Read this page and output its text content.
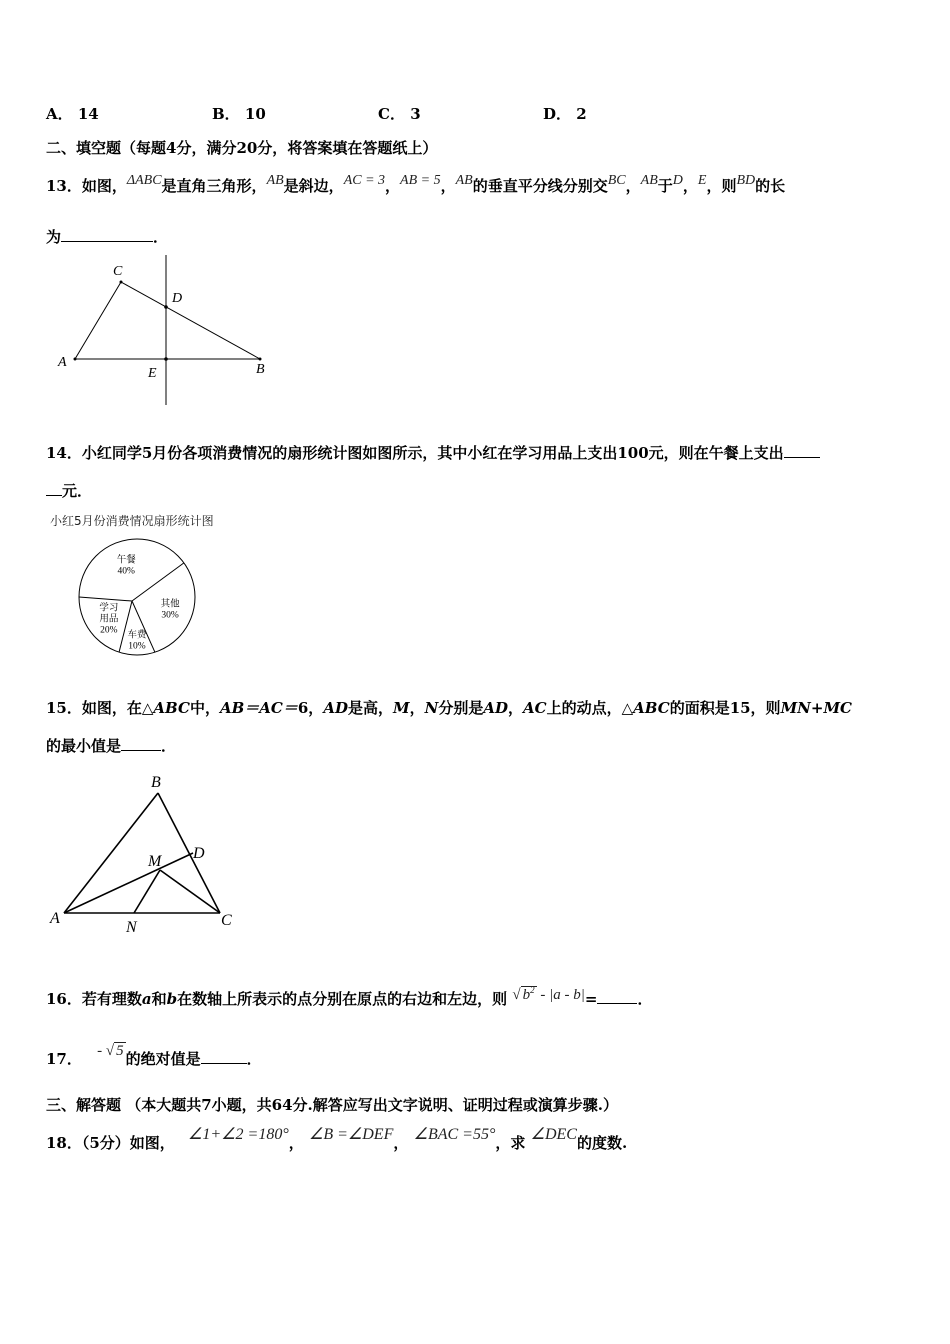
A． 14	B． 10	C． 3	D． 2
二、填空题（每题4分，满分20分，将答案填在答题纸上）
13．如图，ΔABC是直角三角形，AB是斜边，AC = 3，AB = 5，AB的垂直平分线分别交BC，AB于D，E，则BD的长
为	．
C
D
A
E	B
14．小红同学5月份各项消费情况的扇形统计图如图所示，其中小红在学习用品上支出100元，则在午餐上支出
元．
小红5月份消费情况扇形统计图
午餐
40%
其他
30%
车费
10%
学习
用品
20%
15．如图，在△ABC中，AB＝AC＝6，AD是高，M，N分别是AD，AC上的动点，△ABC的面积是15，则MN+MC
的最小值是	．
B
D
M
A
N	C
16．若有理数a和b在数轴上所表示的点分别在原点的右边和左边，则 √ $b^2 - |a - b|=$	．
17． - √ 5 的绝对值是	．
三、解答题 （本大题共7小题，共64分.解答应写出文字说明、证明过程或演算步骤.）
18．（5分）如图， ∠1+∠2 =180°， ∠B =∠DEF， ∠BAC =55°，求 ∠DEC的度数.
